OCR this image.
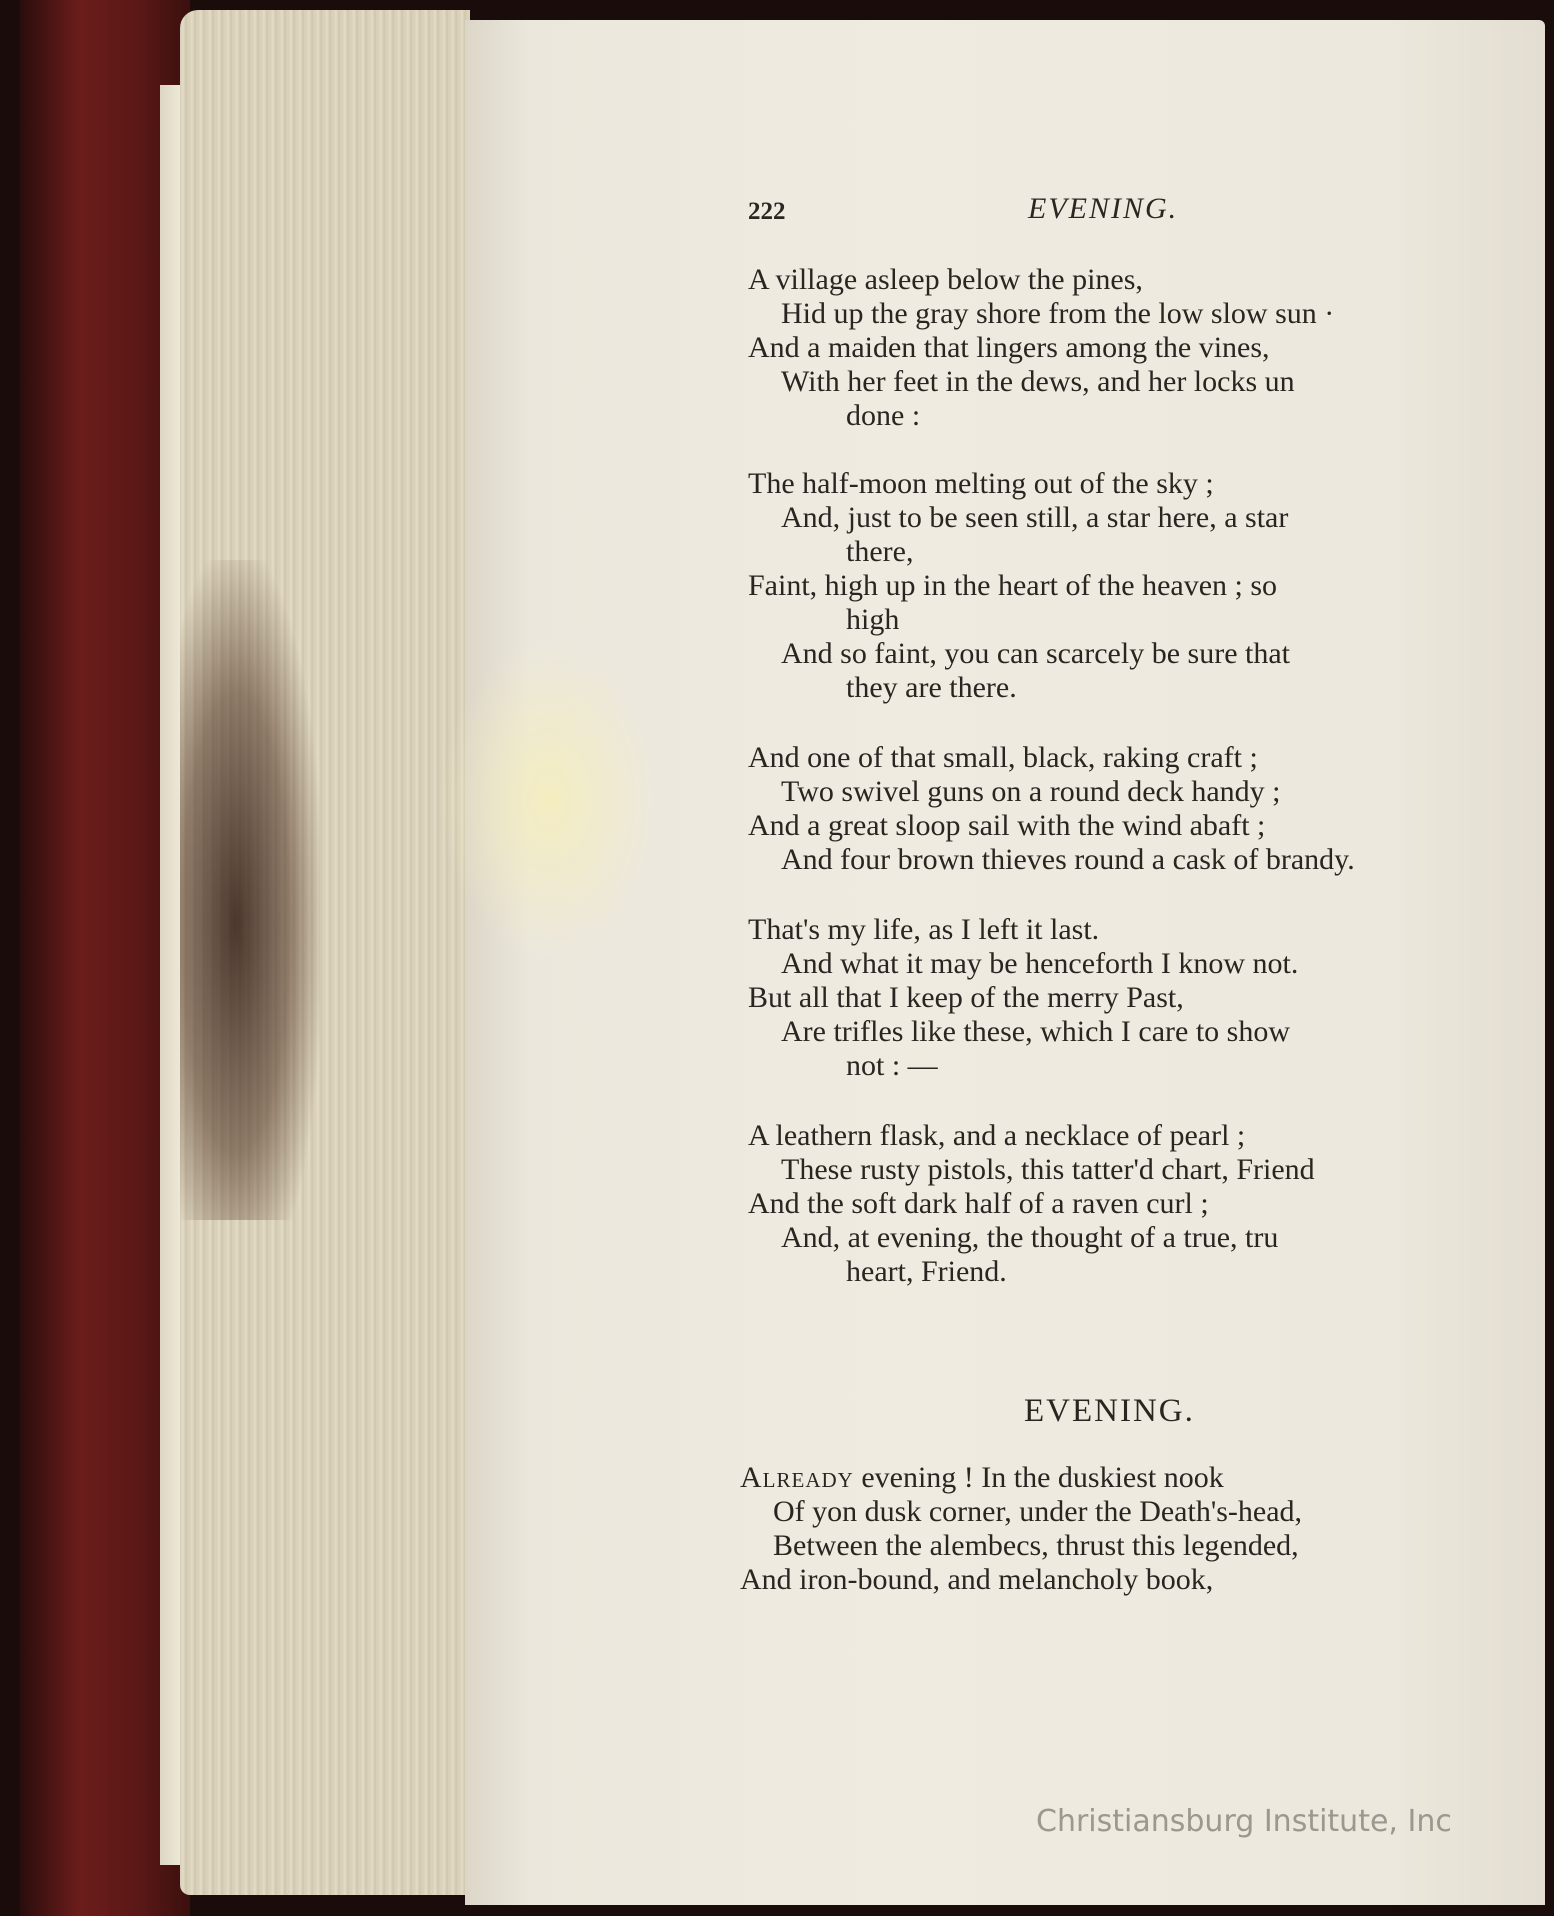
222	EVENING.
A village asleep below the pines,
Hid up the gray shore from the low slow sun ·
And a maiden that lingers among the vines,
With her feet in the dews, and her locks un
done :
The half-moon melting out of the sky ;
And, just to be seen still, a star here, a star
there,
Faint, high up in the heart of the heaven ; so
high
And so faint, you can scarcely be sure that
they are there.
And one of that small, black, raking craft ;
Two swivel guns on a round deck handy ;
And a great sloop sail with the wind abaft ;
And four brown thieves round a cask of brandy.
That's my life, as I left it last.
And what it may be henceforth I know not.
But all that I keep of the merry Past,
Are trifles like these, which I care to show
not : —
A leathern flask, and a necklace of pearl ;
These rusty pistols, this tatter'd chart, Friend
And the soft dark half of a raven curl ;
And, at evening, the thought of a true, tru
heart, Friend.
EVENING.
Already evening ! In the duskiest nook
Of yon dusk corner, under the Death's-head,
Between the alembecs, thrust this legended,
And iron-bound, and melancholy book,
Christiansburg Institute, Inc
